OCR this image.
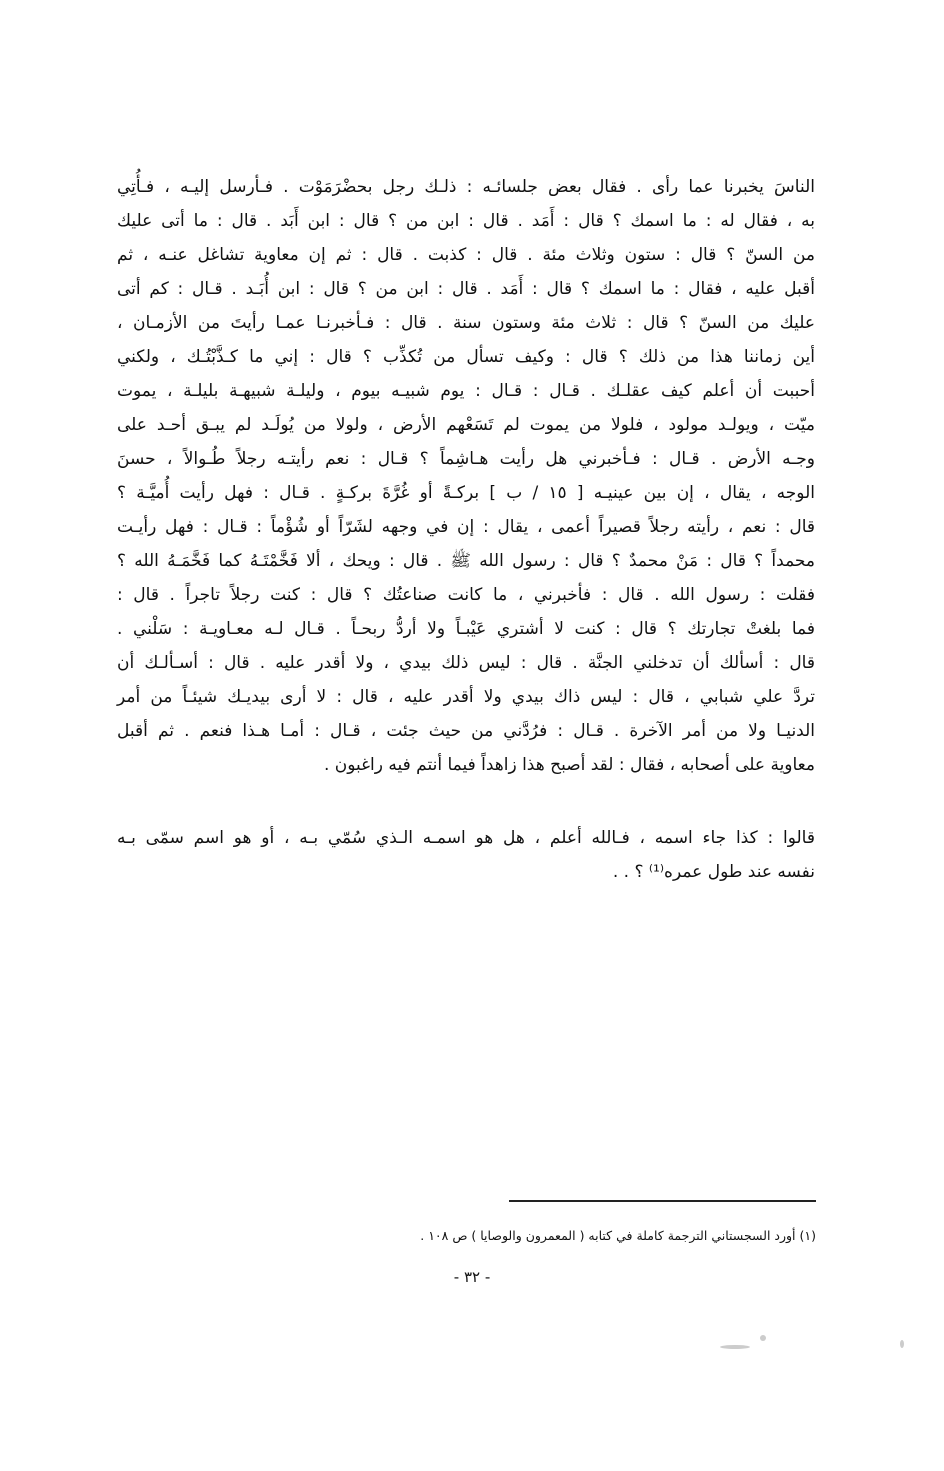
الناسَ يخبرنا عما رأى . فقال بعض جلسائـه : ذلـك رجل بحضْرَمَوْت . فـأرسل إليـه ، فـأُتِي
به ، فقال له : ما اسمك ؟ قال : أَمَد . قال : ابن من ؟ قال : ابن أَبَد . قال : ما أتى عليك
من السنّ ؟ قال : ستون وثلاث مئة . قال : كذبت . قال : ثم إن معاوية تشاغل عنـه ، ثم
أقبل عليه ، فقال : ما اسمك ؟ قال : أَمَد . قال : ابن من ؟ قال : ابن أُبَـد . قـال : كم أتى
عليك من السنّ ؟ قال : ثلاث مئة وستون سنة . قال : فـأخبرنـا عمـا رأيتَ من الأزمـان ،
أين زماننا هذا من ذلك ؟ قال : وكيف تسأل من تُكذِّب ؟ قال : إني ما كـذَّبْتُـك ، ولكني
أحببت أن أعلم كيف عقلـك . قـال : قـال : يوم شبيـه بيوم ، وليلـة شبيهـة بليلـة ، يموت
ميّت ، ويولـد مولود ، فلولا من يموت لم تَسَعْهم الأرض ، ولولا من يُولَـد لم يبـق أحـد على
وجـه الأرض . قـال : فـأخبرني هل رأيت هـاشِماً ؟ قـال : نعم رأيتـه رجلاً طُـوالاً ، حسنَ
الوجه ، يقال ، إن بين عينيـه [ ١٥ / ب ] بركـةً أو غُرَّةَ بركـةٍ . قـال : فهل رأيت أُميَّـة ؟
قال : نعم ، رأيته رجلاً قصيراً أعمى ، يقال : إن في وجهه لشَرّاً أو شُؤْماً : قـال : فهل رأيـت
محمداً ؟ قال : مَنْ محمدٌ ؟ قال : رسول الله ﷺ . قال : ويحك ، ألا فَخَّمْتَـهُ كما فَخَّمَـهُ الله ؟
فقلت : رسول الله . قال : فأخبرني ، ما كانت صناعتُك ؟ قال : كنت رجلاً تاجراً . قال :
فما بلغتْ تجارتك ؟ قال : كنت لا أشتري عَيْبـاً ولا أردُّ ربحـاً . قـال لـه معـاويـة : سَلْني .
قال : أسألك أن تدخلني الجنَّة . قال : ليس ذلك بيدي ، ولا أقدر عليه . قال : أسـألـك أن
تردَّ علي شبابي ، قال : ليس ذاك بيدي ولا أقدر عليه ، قال : لا أرى بيديـك شيئـاً من أمر
الدنيـا ولا من أمر الآخرة . قـال : فرُدَّني من حيث جئت ، قـال : أمـا هـذا فنعم . ثم أقبل
معاوية على أصحابه ، فقال : لقد أصبح هذا زاهداً فيما أنتم فيه راغبون .
قالوا : كذا جاء اسمه ، فـالله أعلم ، هل هو اسمـه الـذي سُمّي بـه ، أو هو اسم سمّى بـه
نفسه عند طول عمره⁽¹⁾ ؟ . .
(١) أورد السجستاني الترجمة كاملة في كتابه ( المعمرون والوصايا ) ص ١٠٨ .
- ٣٢ -
